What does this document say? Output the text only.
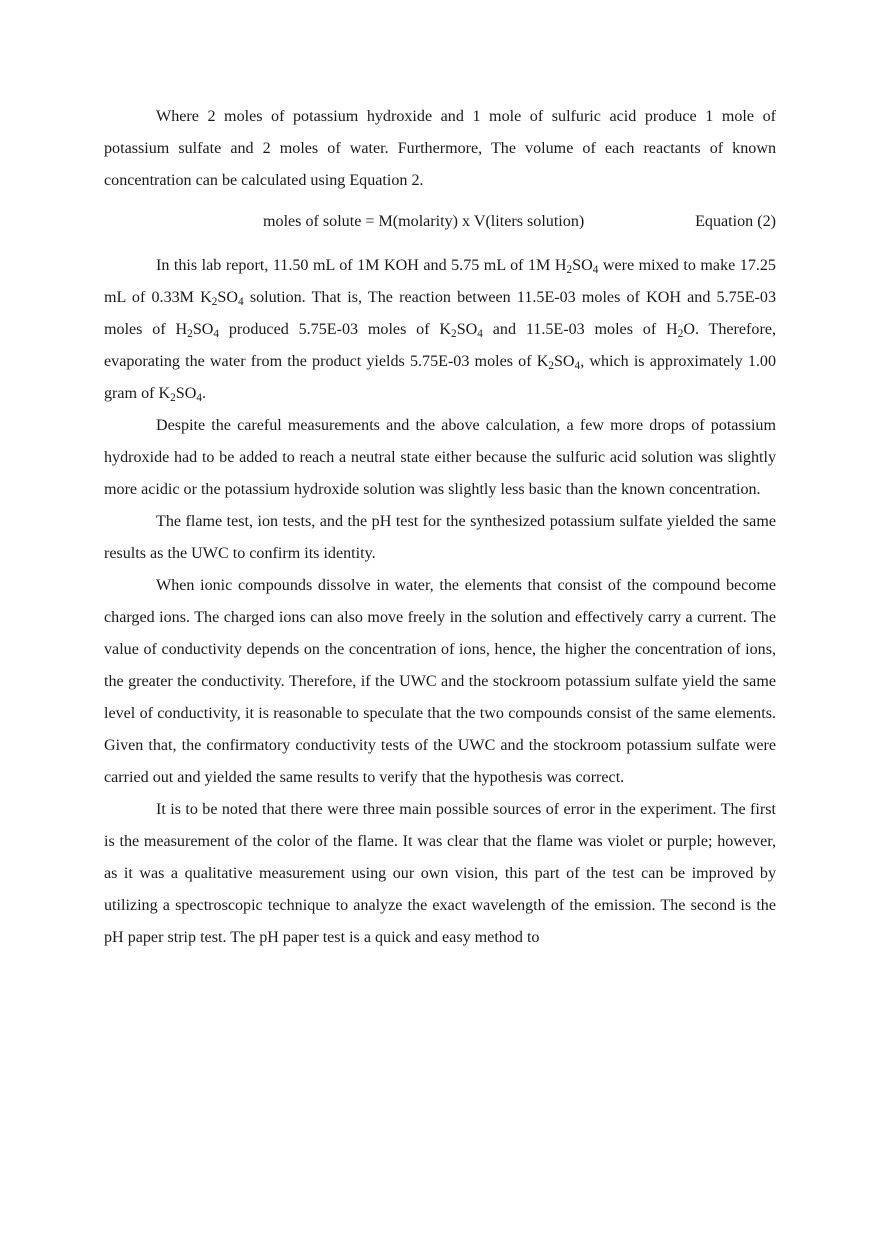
Where 2 moles of potassium hydroxide and 1 mole of sulfuric acid produce 1 mole of potassium sulfate and 2 moles of water. Furthermore, The volume of each reactants of known concentration can be calculated using Equation 2.

moles of solute = M(molarity) x V(liters solution)	Equation (2)

In this lab report, 11.50 mL of 1M KOH and 5.75 mL of 1M $H_2SO_4$ were mixed to make 17.25 mL of 0.33M $K_2SO_4$ solution. That is, The reaction between 11.5E-03 moles of KOH and 5.75E-03 moles of $H_2SO_4$ produced 5.75E-03 moles of $K_2SO_4$ and 11.5E-03 moles of $H_2O$. Therefore, evaporating the water from the product yields 5.75E-03 moles of $K_2SO_4$, which is approximately 1.00 gram of $K_2SO_4$.

Despite the careful measurements and the above calculation, a few more drops of potassium hydroxide had to be added to reach a neutral state either because the sulfuric acid solution was slightly more acidic or the potassium hydroxide solution was slightly less basic than the known concentration.

The flame test, ion tests, and the pH test for the synthesized potassium sulfate yielded the same results as the UWC to confirm its identity.

When ionic compounds dissolve in water, the elements that consist of the compound become charged ions. The charged ions can also move freely in the solution and effectively carry a current. The value of conductivity depends on the concentration of ions, hence, the higher the concentration of ions, the greater the conductivity. Therefore, if the UWC and the stockroom potassium sulfate yield the same level of conductivity, it is reasonable to speculate that the two compounds consist of the same elements. Given that, the confirmatory conductivity tests of the UWC and the stockroom potassium sulfate were carried out and yielded the same results to verify that the hypothesis was correct.

It is to be noted that there were three main possible sources of error in the experiment. The first is the measurement of the color of the flame. It was clear that the flame was violet or purple; however, as it was a qualitative measurement using our own vision, this part of the test can be improved by utilizing a spectroscopic technique to analyze the exact wavelength of the emission. The second is the pH paper strip test. The pH paper test is a quick and easy method to
